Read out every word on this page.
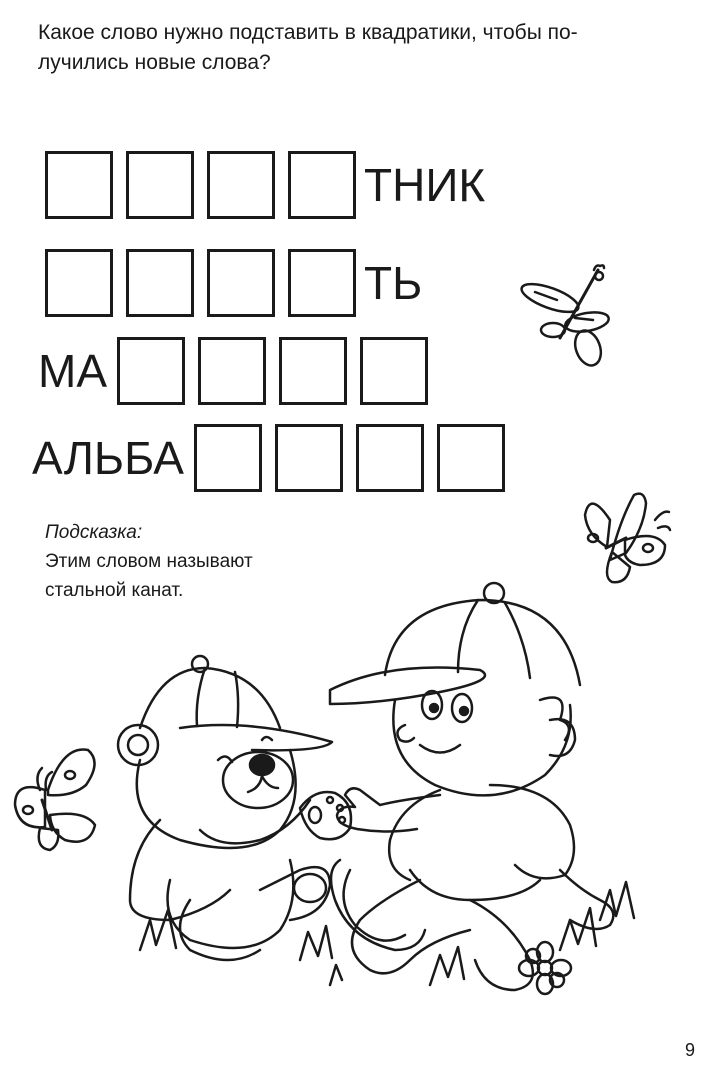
Какое слово нужно подставить в квадратики, чтобы по-
лучились новые слова?
ТНИК
ТЬ
МА
АЛЬБА
Подсказка:
Этим словом называют
стальной канат.
9
